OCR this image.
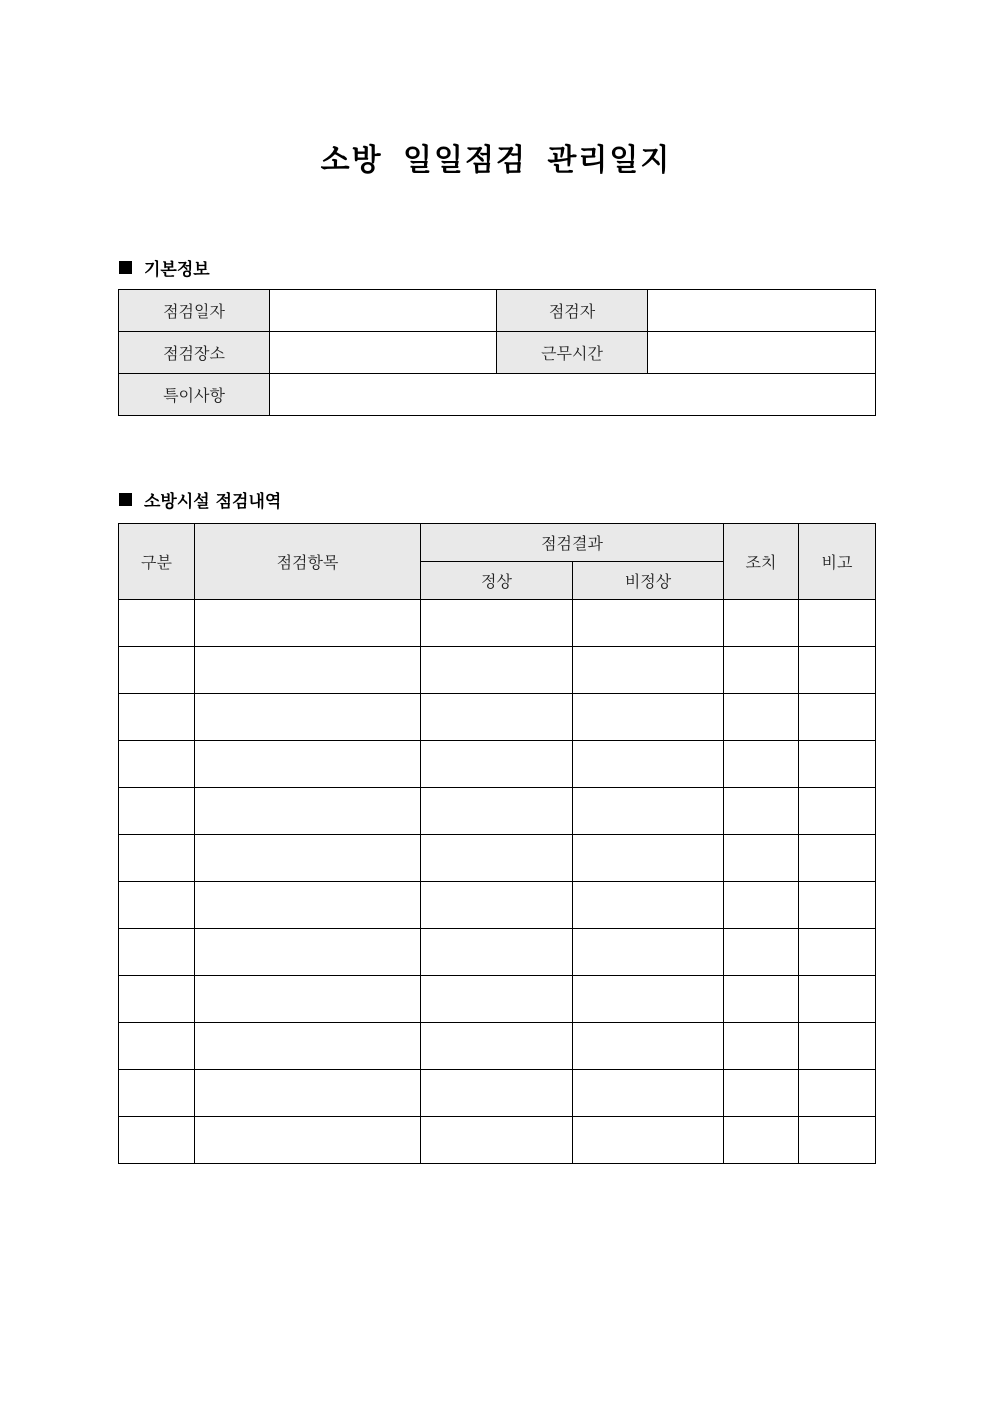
소방 일일점검 관리일지
기본정보
점검일자		점검자	
점검장소		근무시간	
특이사항			
소방시설 점검내역
구분	점검항목	점검결과		조치	비고
		정상	비정상		
